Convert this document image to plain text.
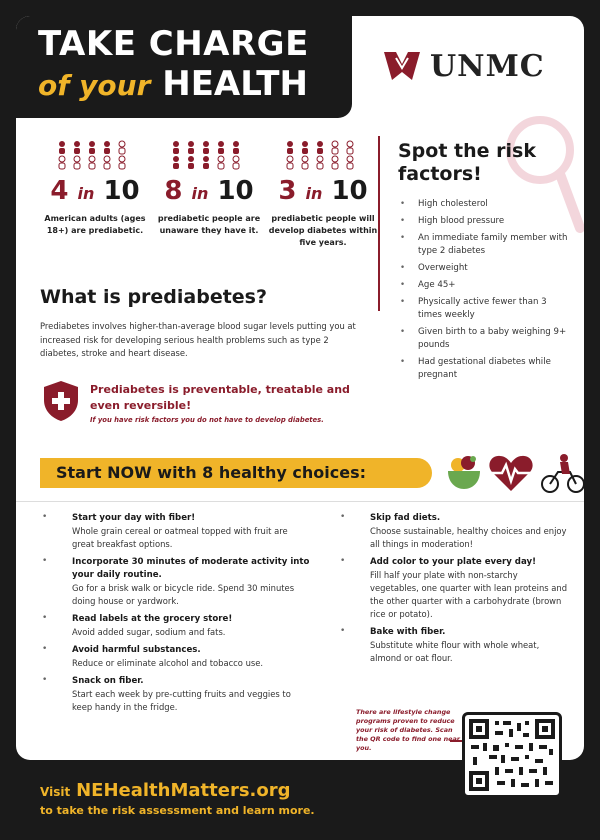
TAKE CHARGE
of your HEALTH	UNMC
4 in 10
American adults (ages 18+) are prediabetic.
8 in 10
prediabetic people are unaware they have it.
3 in 10
prediabetic people will develop diabetes within five years.
Spot the risk factors!
• High cholesterol
• High blood pressure
• An immediate family member with type 2 diabetes
• Overweight
• Age 45+
• Physically active fewer than 3 times weekly
• Given birth to a baby weighing 9+ pounds
• Had gestational diabetes while pregnant
What is prediabetes?
Prediabetes involves higher-than-average blood sugar levels putting you at increased risk for developing serious health problems such as type 2 diabetes, stroke and heart disease.
Prediabetes is preventable, treatable and even reversible!
If you have risk factors you do not have to develop diabetes.
Start NOW with 8 healthy choices:
• Start your day with fiber!
Whole grain cereal or oatmeal topped with fruit are great breakfast options.
• Incorporate 30 minutes of moderate activity into your daily routine.
Go for a brisk walk or bicycle ride. Spend 30 minutes doing house or yardwork.
• Read labels at the grocery store!
Avoid added sugar, sodium and fats.
• Avoid harmful substances.
Reduce or eliminate alcohol and tobacco use.
• Snack on fiber.
Start each week by pre-cutting fruits and veggies to keep handy in the fridge.
• Skip fad diets.
Choose sustainable, healthy choices and enjoy all things in moderation!
• Add color to your plate every day!
Fill half your plate with non-starchy vegetables, one quarter with lean proteins and the other quarter with a carbohydrate (brown rice or potato).
• Bake with fiber.
Substitute white flour with whole wheat, almond or oat flour.
There are lifestyle change programs proven to reduce your risk of diabetes. Scan the QR code to find one near you.
Visit NEHealthMatters.org
to take the risk assessment and learn more.
